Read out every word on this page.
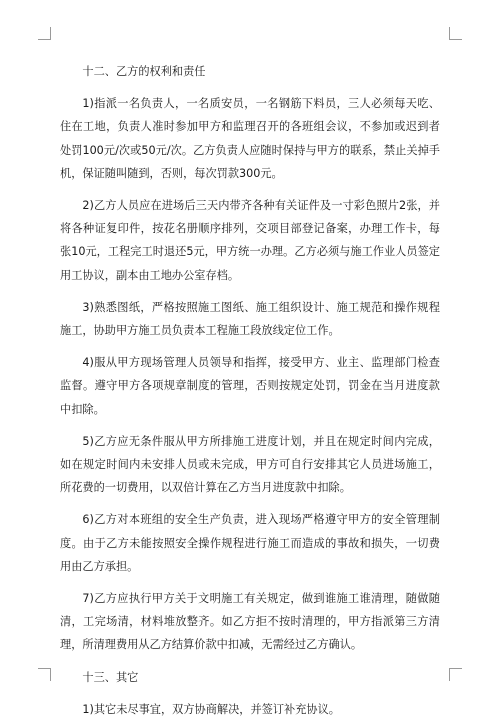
十二、乙方的权利和责任

1)指派一名负责人，一名质安员，一名钢筋下料员，三人必须每天吃、住在工地，负责人准时参加甲方和监理召开的各班组会议，不参加或迟到者处罚100元/次或50元/次。乙方负责人应随时保持与甲方的联系，禁止关掉手机，保证随叫随到，否则，每次罚款300元。

2)乙方人员应在进场后三天内带齐各种有关证件及一寸彩色照片2张，并将各种证复印件，按花名册顺序排列，交项目部登记备案，办理工作卡，每张10元，工程完工时退还5元，甲方统一办理。乙方必须与施工作业人员签定用工协议，副本由工地办公室存档。

3)熟悉图纸，严格按照施工图纸、施工组织设计、施工规范和操作规程施工，协助甲方施工员负责本工程施工段放线定位工作。

4)服从甲方现场管理人员领导和指挥，接受甲方、业主、监理部门检查监督。遵守甲方各项规章制度的管理，否则按规定处罚，罚金在当月进度款中扣除。

5)乙方应无条件服从甲方所排施工进度计划，并且在规定时间内完成，如在规定时间内未安排人员或未完成，甲方可自行安排其它人员进场施工，所花费的一切费用，以双倍计算在乙方当月进度款中扣除。

6)乙方对本班组的安全生产负责，进入现场严格遵守甲方的安全管理制度。由于乙方未能按照安全操作规程进行施工而造成的事故和损失，一切费用由乙方承担。

7)乙方应执行甲方关于文明施工有关规定，做到谁施工谁清理，随做随清，工完场清，材料堆放整齐。如乙方拒不按时清理的，甲方指派第三方清理，所清理费用从乙方结算价款中扣减，无需经过乙方确认。

十三、其它

1)其它未尽事宜，双方协商解决，并签订补充协议。
